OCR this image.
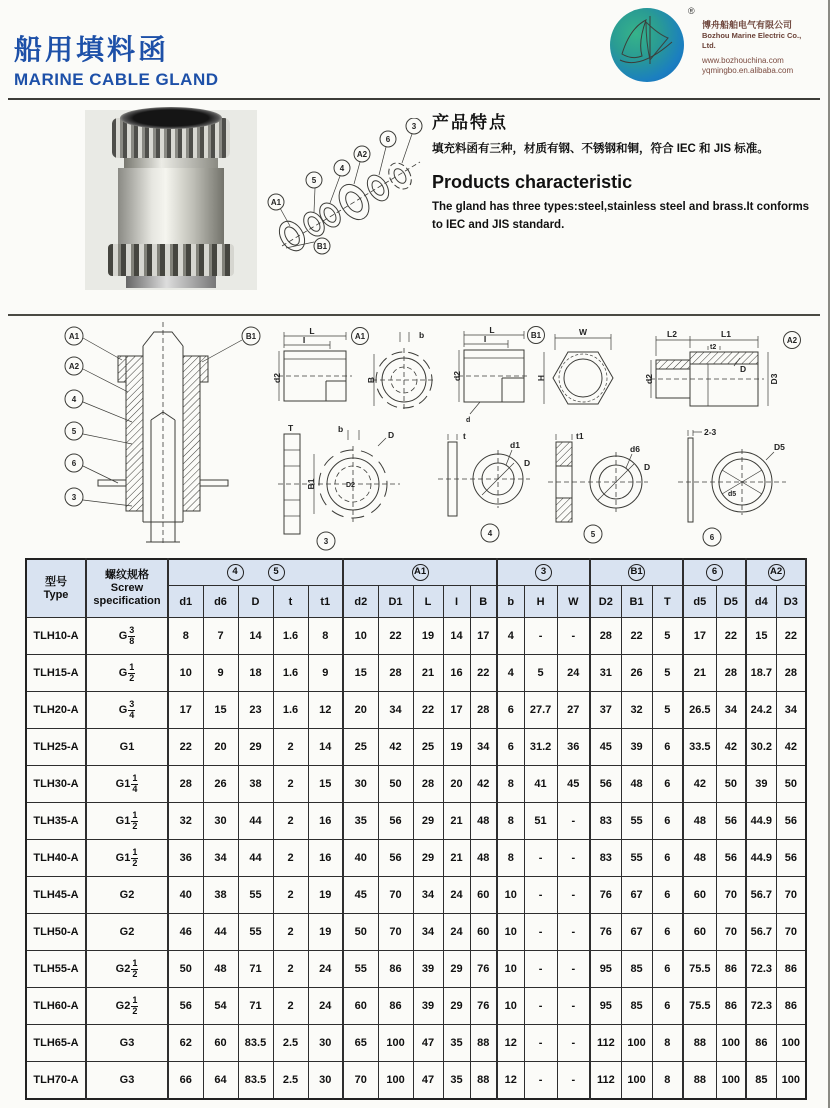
船用填料函
MARINE CABLE GLAND
®
博舟船舶电气有限公司
Bozhou Marine Electric Co., Ltd.
www.bozhouchina.com
yqmingbo.en.alibaba.com
A1
5
4
A2
6
3
B1
产品特点
填充料函有三种，材质有钢、不锈钢和铜，符合 IEC 和 JIS 标准。
Products characteristic
The gland has three types:steel,stainless steel and brass.It conforms to IEC and JIS standard.
A1
A2
4
5
6
3
B1
L
I
d2	B
b
A1
T	b
D
B1	D2
3
L
I
d2
d
W
H
B1
t
d1
D
4
t1
d6
D
5
L2	L1
t2
d2	D3
D
A2
2-3
D5
d5
6
型号
Type

螺纹规格
Screw
specification
	4	5	A1	3	B1	6	A2
		d1	d6	D	t	t1	d2	D1	L	I	B	b	H	W	D2	B1	T	d5	D5	d4	D3
TLH10-A	G $\frac{3}{8}$	8	7	14	1.6	8	10	22	19	14	17	4	-	-	28	22	5	17	22	15	22
TLH15-A	G $\frac{1}{2}$	10	9	18	1.6	9	15	28	21	16	22	4	5	24	31	26	5	21	28	18.7	28
TLH20-A	G $\frac{3}{4}$	17	15	23	1.6	12	20	34	22	17	28	6	27.7	27	37	32	5	26.5	34	24.2	34
TLH25-A	G1	22	20	29	2	14	25	42	25	19	34	6	31.2	36	45	39	6	33.5	42	30.2	42
TLH30-A	$G1 \frac{1}{4}$	28	26	38	2	15	30	50	28	20	42	8	41	45	56	48	6	42	50	39	50
TLH35-A	$G1 \frac{1}{2}$	32	30	44	2	16	35	56	29	21	48	8	51	-	83	55	6	48	56	44.9	56
TLH40-A	$G1 \frac{1}{2}$	36	34	44	2	16	40	56	29	21	48	8	-	-	83	55	6	48	56	44.9	56
TLH45-A	G2	40	38	55	2	19	45	70	34	24	60	10	-	-	76	67	6	60	70	56.7	70
TLH50-A	G2	46	44	55	2	19	50	70	34	24	60	10	-	-	76	67	6	60	70	56.7	70
TLH55-A	$G2 \frac{1}{2}$	50	48	71	2	24	55	86	39	29	76	10	-	-	95	85	6	75.5	86	72.3	86
TLH60-A	$G2 \frac{1}{2}$	56	54	71	2	24	60	86	39	29	76	10	-	-	95	85	6	75.5	86	72.3	86
TLH65-A	G3	62	60	83.5	2.5	30	65	100	47	35	88	12	-	-	112	100	8	88	100	86	100
TLH70-A	G3	66	64	83.5	2.5	30	70	100	47	35	88	12	-	-	112	100	8	88	100	85	100
